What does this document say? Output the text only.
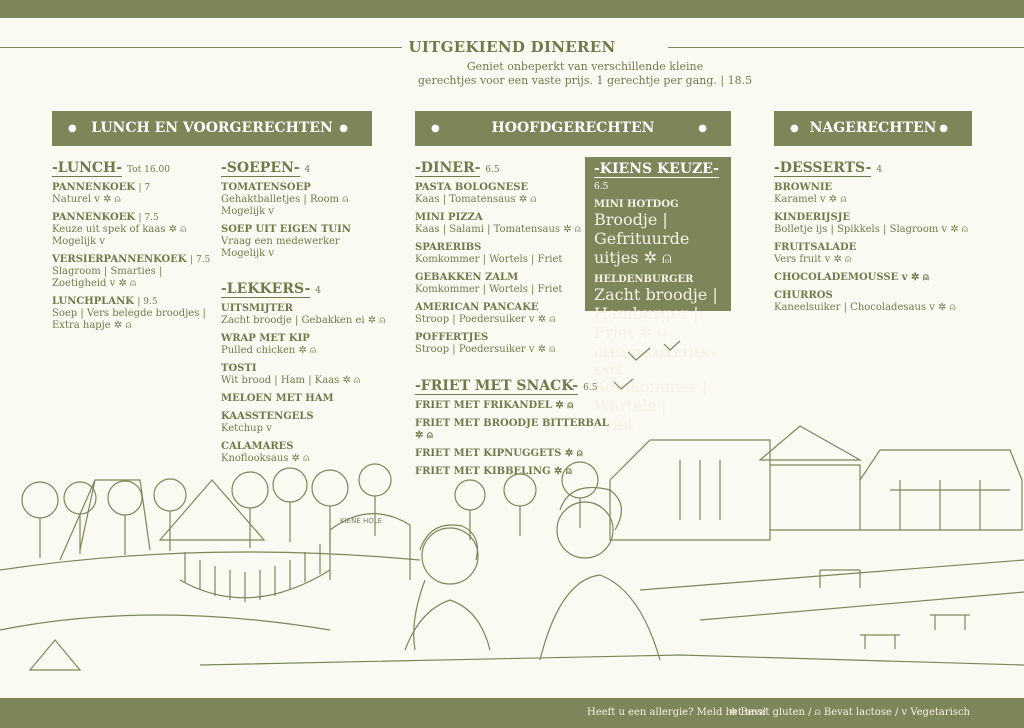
UITGEKIEND DINEREN
Geniet onbeperkt van verschillende kleine
gerechtjes voor een vaste prijs. 1 gerechtje per gang. | 18.5
● LUNCH EN VOORGERECHTEN ●	● HOOFDGERECHTEN ●	● NAGERECHTEN ●
-LUNCH- Tot 16.00
PANNENKOEK | 7
Naturel ⅴ ✲ ⍝
PANNENKOEK | 7.5
Keuze uit spek of kaas ✲ ⍝
Mogelijk ⅴ
VERSIERPANNENKOEK | 7.5
Slagroom | Smarties |
Zoetigheid ⅴ ✲ ⍝
LUNCHPLANK | 9.5
Soep | Vers belegde broodjes |
Extra hapje ✲ ⍝
-SOEPEN- 4
TOMATENSOEP
Gehaktballetjes | Room ⍝
Mogelijk ⅴ
SOEP UIT EIGEN TUIN
Vraag een medewerker
Mogelijk ⅴ
-LEKKERS- 4
UITSMIJTER
Zacht broodje | Gebakken ei ✲ ⍝
WRAP MET KIP
Pulled chicken ✲ ⍝
TOSTI
Wit brood | Ham | Kaas ✲ ⍝
MELOEN MET HAM
KAASSTENGELS
Ketchup ⅴ
CALAMARES
Knoflooksaus ✲ ⍝
-DINER- 6.5
PASTA BOLOGNESE
Kaas | Tomatensaus ✲ ⍝
MINI PIZZA
Kaas | Salami | Tomatensaus ✲ ⍝
SPARERIBS
Komkommer | Wortels | Friet
GEBAKKEN ZALM
Komkommer | Wortels | Friet
AMERICAN PANCAKE
Stroop | Poedersuiker ⅴ ✲ ⍝
POFFERTJES
Stroop | Poedersuiker ⅴ ✲ ⍝
-KIENS KEUZE- 6.5
MINI HOTDOG
Broodje | Gefrituurde uitjes ✲ ⍝
HELDENBURGER
Zacht broodje | Hamburger |
Friet ✲ ⍝
GEHAKTBALLETJES ⍝
SATÉ
Komkommer | Wortels |
Friet
-FRIET MET SNACK- 6.5
FRIET MET FRIKANDEL ✲ ⍝
FRIET MET BROODJE BITTERBAL ✲ ⍝
FRIET MET KIPNUGGETS ✲ ⍝
FRIET MET KIBBELING ✲ ⍝
-DESSERTS- 4
BROWNIE
Karamel ⅴ ✲ ⍝
KINDERIJSJE
Bolletje ijs | Spikkels | Slagroom ⅴ ✲ ⍝
FRUITSALADE
Vers fruit ⅴ ✲ ⍝
CHOCOLADEMOUSSE ⅴ ✲ ⍝
CHURROS
Kaneelsuiker | Chocoladesaus ⅴ ✲ ⍝
KIENE HOLE
Heeft u een allergie? Meld het ons!
✲ Bevat gluten / ⍝ Bevat lactose / ⅴ Vegetarisch
